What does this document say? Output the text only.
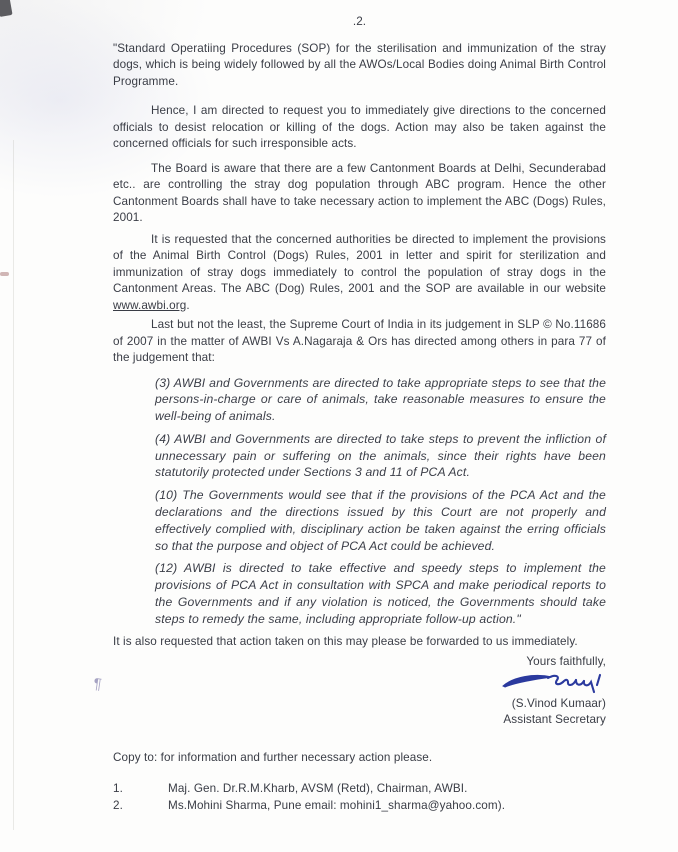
¶
.2.

"Standard Operatiing Procedures (SOP) for the sterilisation and immunization of the stray dogs, which is being widely followed by all the AWOs/Local Bodies doing Animal Birth Control Programme.

Hence, I am directed to request you to immediately give directions to the concerned officials to desist relocation or killing of the dogs. Action may also be taken against the concerned officials for such irresponsible acts.

The Board is aware that there are a few Cantonment Boards at Delhi, Secunderabad etc.. are controlling the stray dog population through ABC program. Hence the other Cantonment Boards shall have to take necessary action to implement the ABC (Dogs) Rules, 2001.

It is requested that the concerned authorities be directed to implement the provisions of the Animal Birth Control (Dogs) Rules, 2001 in letter and spirit for sterilization and immunization of stray dogs immediately to control the population of stray dogs in the Cantonment Areas. The ABC (Dog) Rules, 2001 and the SOP are available in our website www.awbi.org.

Last but not the least, the Supreme Court of India in its judgement in SLP © No.11686 of 2007 in the matter of AWBI Vs A.Nagaraja & Ors has directed among others in para 77 of the judgement that:

(3) AWBI and Governments are directed to take appropriate steps to see that the persons-in-charge or care of animals, take reasonable measures to ensure the well-being of animals.

(4) AWBI and Governments are directed to take steps to prevent the infliction of unnecessary pain or suffering on the animals, since their rights have been statutorily protected under Sections 3 and 11 of PCA Act.

(10) The Governments would see that if the provisions of the PCA Act and the declarations and the directions issued by this Court are not properly and effectively complied with, disciplinary action be taken against the erring officials so that the purpose and object of PCA Act could be achieved.

(12) AWBI is directed to take effective and speedy steps to implement the provisions of PCA Act in consultation with SPCA and make periodical reports to the Governments and if any violation is noticed, the Governments should take steps to remedy the same, including appropriate follow-up action."

It is also requested that action taken on this may please be forwarded to us immediately.

Yours faithfully,
(S.Vinod Kumaar)
Assistant Secretary
Copy to: for information and further necessary action please.
1.	Maj. Gen. Dr.R.M.Kharb, AVSM (Retd), Chairman, AWBI.
2.	Ms.Mohini Sharma, Pune email: mohini1_sharma@yahoo.com).
